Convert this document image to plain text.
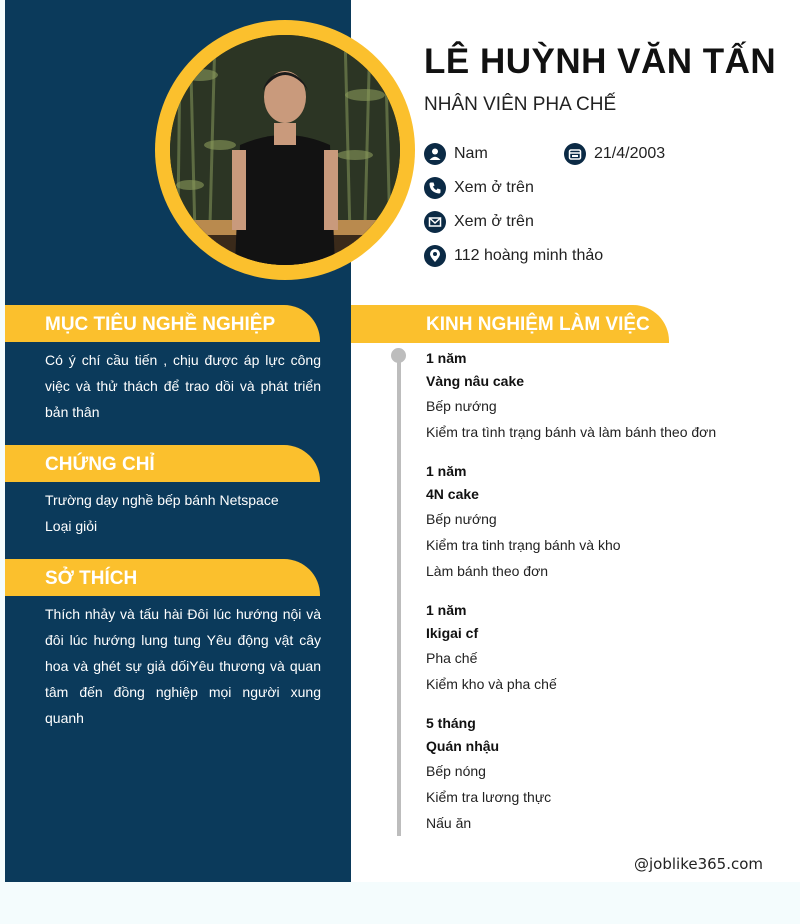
LÊ HUỲNH VĂN TẤN
NHÂN VIÊN PHA CHẾ
Nam	21/4/2003
Xem ở trên
Xem ở trên
112 hoàng minh thảo
MỤC TIÊU NGHỀ NGHIỆP
Có ý chí cầu tiến , chịu được áp lực công việc và thử thách để trao dồi và phát triển bản thân
CHỨNG CHỈ
Trường dạy nghề bếp bánh Netspace
Loại giỏi
SỞ THÍCH
Thích nhảy và tấu hài Đôi lúc hướng nội và đôi lúc hướng lung tung Yêu động vật cây hoa và ghét sự giả dốiYêu thương và quan tâm đến đồng nghiệp mọi người xung quanh
KINH NGHIỆM LÀM VIỆC
1 năm
Vàng nâu cake
Bếp nướng
Kiểm tra tình trạng bánh và làm bánh theo đơn
1 năm
4N cake
Bếp nướng
Kiểm tra tinh trạng bánh và kho
Làm bánh theo đơn
1 năm
Ikigai cf
Pha chế
Kiểm kho và pha chế
5 tháng
Quán nhậu
Bếp nóng
Kiểm tra lương thực
Nấu ăn
@joblike365.com
